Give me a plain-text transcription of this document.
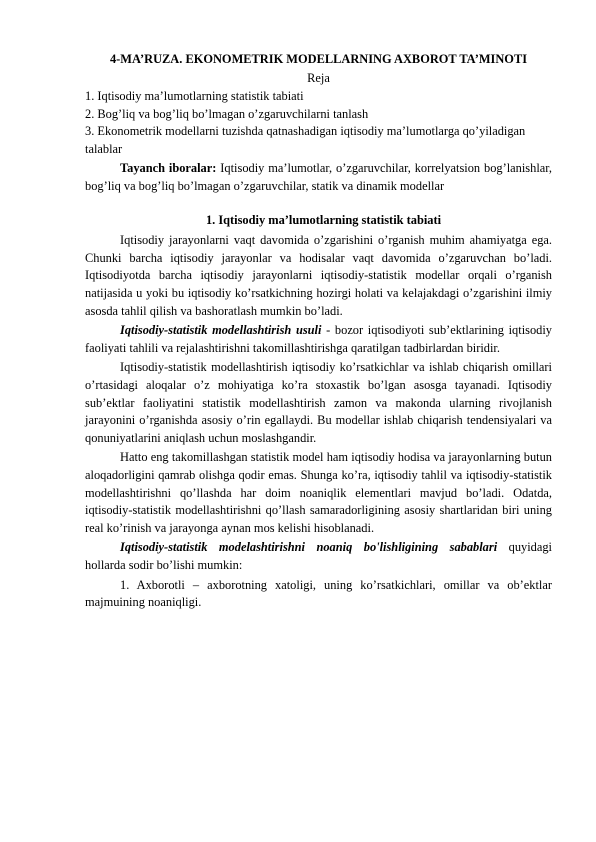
4-MA’RUZA. EKONOMETRIK MODELLARNING AXBOROT TA’MINOTI
Reja
1. Iqtisodiy ma’lumotlarning statistik tabiati
2. Bog’liq va bog’liq bo’lmagan o’zgaruvchilarni tanlash
3. Ekonometrik modellarni tuzishda qatnashadigan iqtisodiy ma’lumotlarga qo’yiladigan talablar

Tayanch iboralar: Iqtisodiy ma’lumotlar, o’zgaruvchilar, korrelyatsion bog’lanishlar, bog’liq va bog’liq bo’lmagan o’zgaruvchilar, statik va dinamik modellar

1. Iqtisodiy ma’lumotlarning statistik tabiati

Iqtisodiy jarayonlarni vaqt davomida o’zgarishini o’rganish muhim ahamiyatga ega. Chunki barcha iqtisodiy jarayonlar va hodisalar vaqt davomida o’zgaruvchan bo’ladi. Iqtisodiyotda barcha iqtisodiy jarayonlarni iqtisodiy-statistik modellar orqali o’rganish natijasida u yoki bu iqtisodiy ko’rsatkichning hozirgi holati va kelajakdagi o’zgarishini ilmiy asosda tahlil qilish va bashoratlash mumkin bo’ladi.

Iqtisodiy-statistik modellashtirish usuli - bozor iqtisodiyoti sub’ektlarining iqtisodiy faoliyati tahlili va rejalashtirishni takomillashtirishga qaratilgan tadbirlardan biridir.

Iqtisodiy-statistik modellashtirish iqtisodiy ko’rsatkichlar va ishlab chiqarish omillari o’rtasidagi aloqalar o’z mohiyatiga ko’ra stoxastik bo’lgan asosga tayanadi. Iqtisodiy sub’ektlar faoliyatini statistik modellashtirish zamon va makonda ularning rivojlanish jarayonini o’rganishda asosiy o’rin egallaydi. Bu modellar ishlab chiqarish tendensiyalari va qonuniyatlarini aniqlash uchun moslashgandir.

Hatto eng takomillashgan statistik model ham iqtisodiy hodisa va jarayonlarning butun aloqadorligini qamrab olishga qodir emas. Shunga ko’ra, iqtisodiy tahlil va iqtisodiy-statistik modellashtirishni qo’llashda har doim noaniqlik elementlari mavjud bo’ladi. Odatda, iqtisodiy-statistik modellashtirishni qo’llash samaradorligining asosiy shartlaridan biri uning real ko’rinish va jarayonga aynan mos kelishi hisoblanadi.

Iqtisodiy-statistik modelashtirishni noaniq bo'lishligining sabablari quyidagi hollarda sodir bo’lishi mumkin:

1. Axborotli – axborotning xatoligi, uning ko’rsatkichlari, omillar va ob’ektlar majmuining noaniqligi.
